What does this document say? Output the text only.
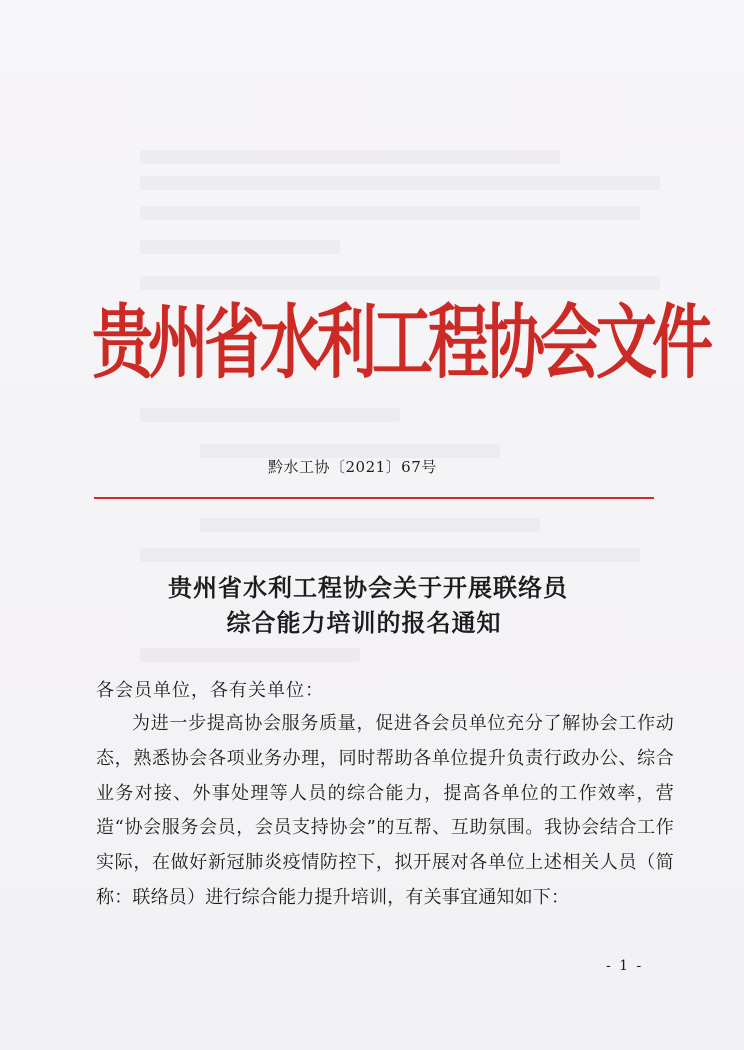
贵州省水利工程协会文件
黔水工协〔2021〕67号
贵州省水利工程协会关于开展联络员
综合能力培训的报名通知
各会员单位，各有关单位：
为进一步提高协会服务质量，促进各会员单位充分了解协会工作动态，熟悉协会各项业务办理，同时帮助各单位提升负责行政办公、综合业务对接、外事处理等人员的综合能力，提高各单位的工作效率，营造“协会服务会员，会员支持协会”的互帮、互助氛围。我协会结合工作实际，在做好新冠肺炎疫情防控下，拟开展对各单位上述相关人员（简称：联络员）进行综合能力提升培训，有关事宜通知如下：
- 1 -
